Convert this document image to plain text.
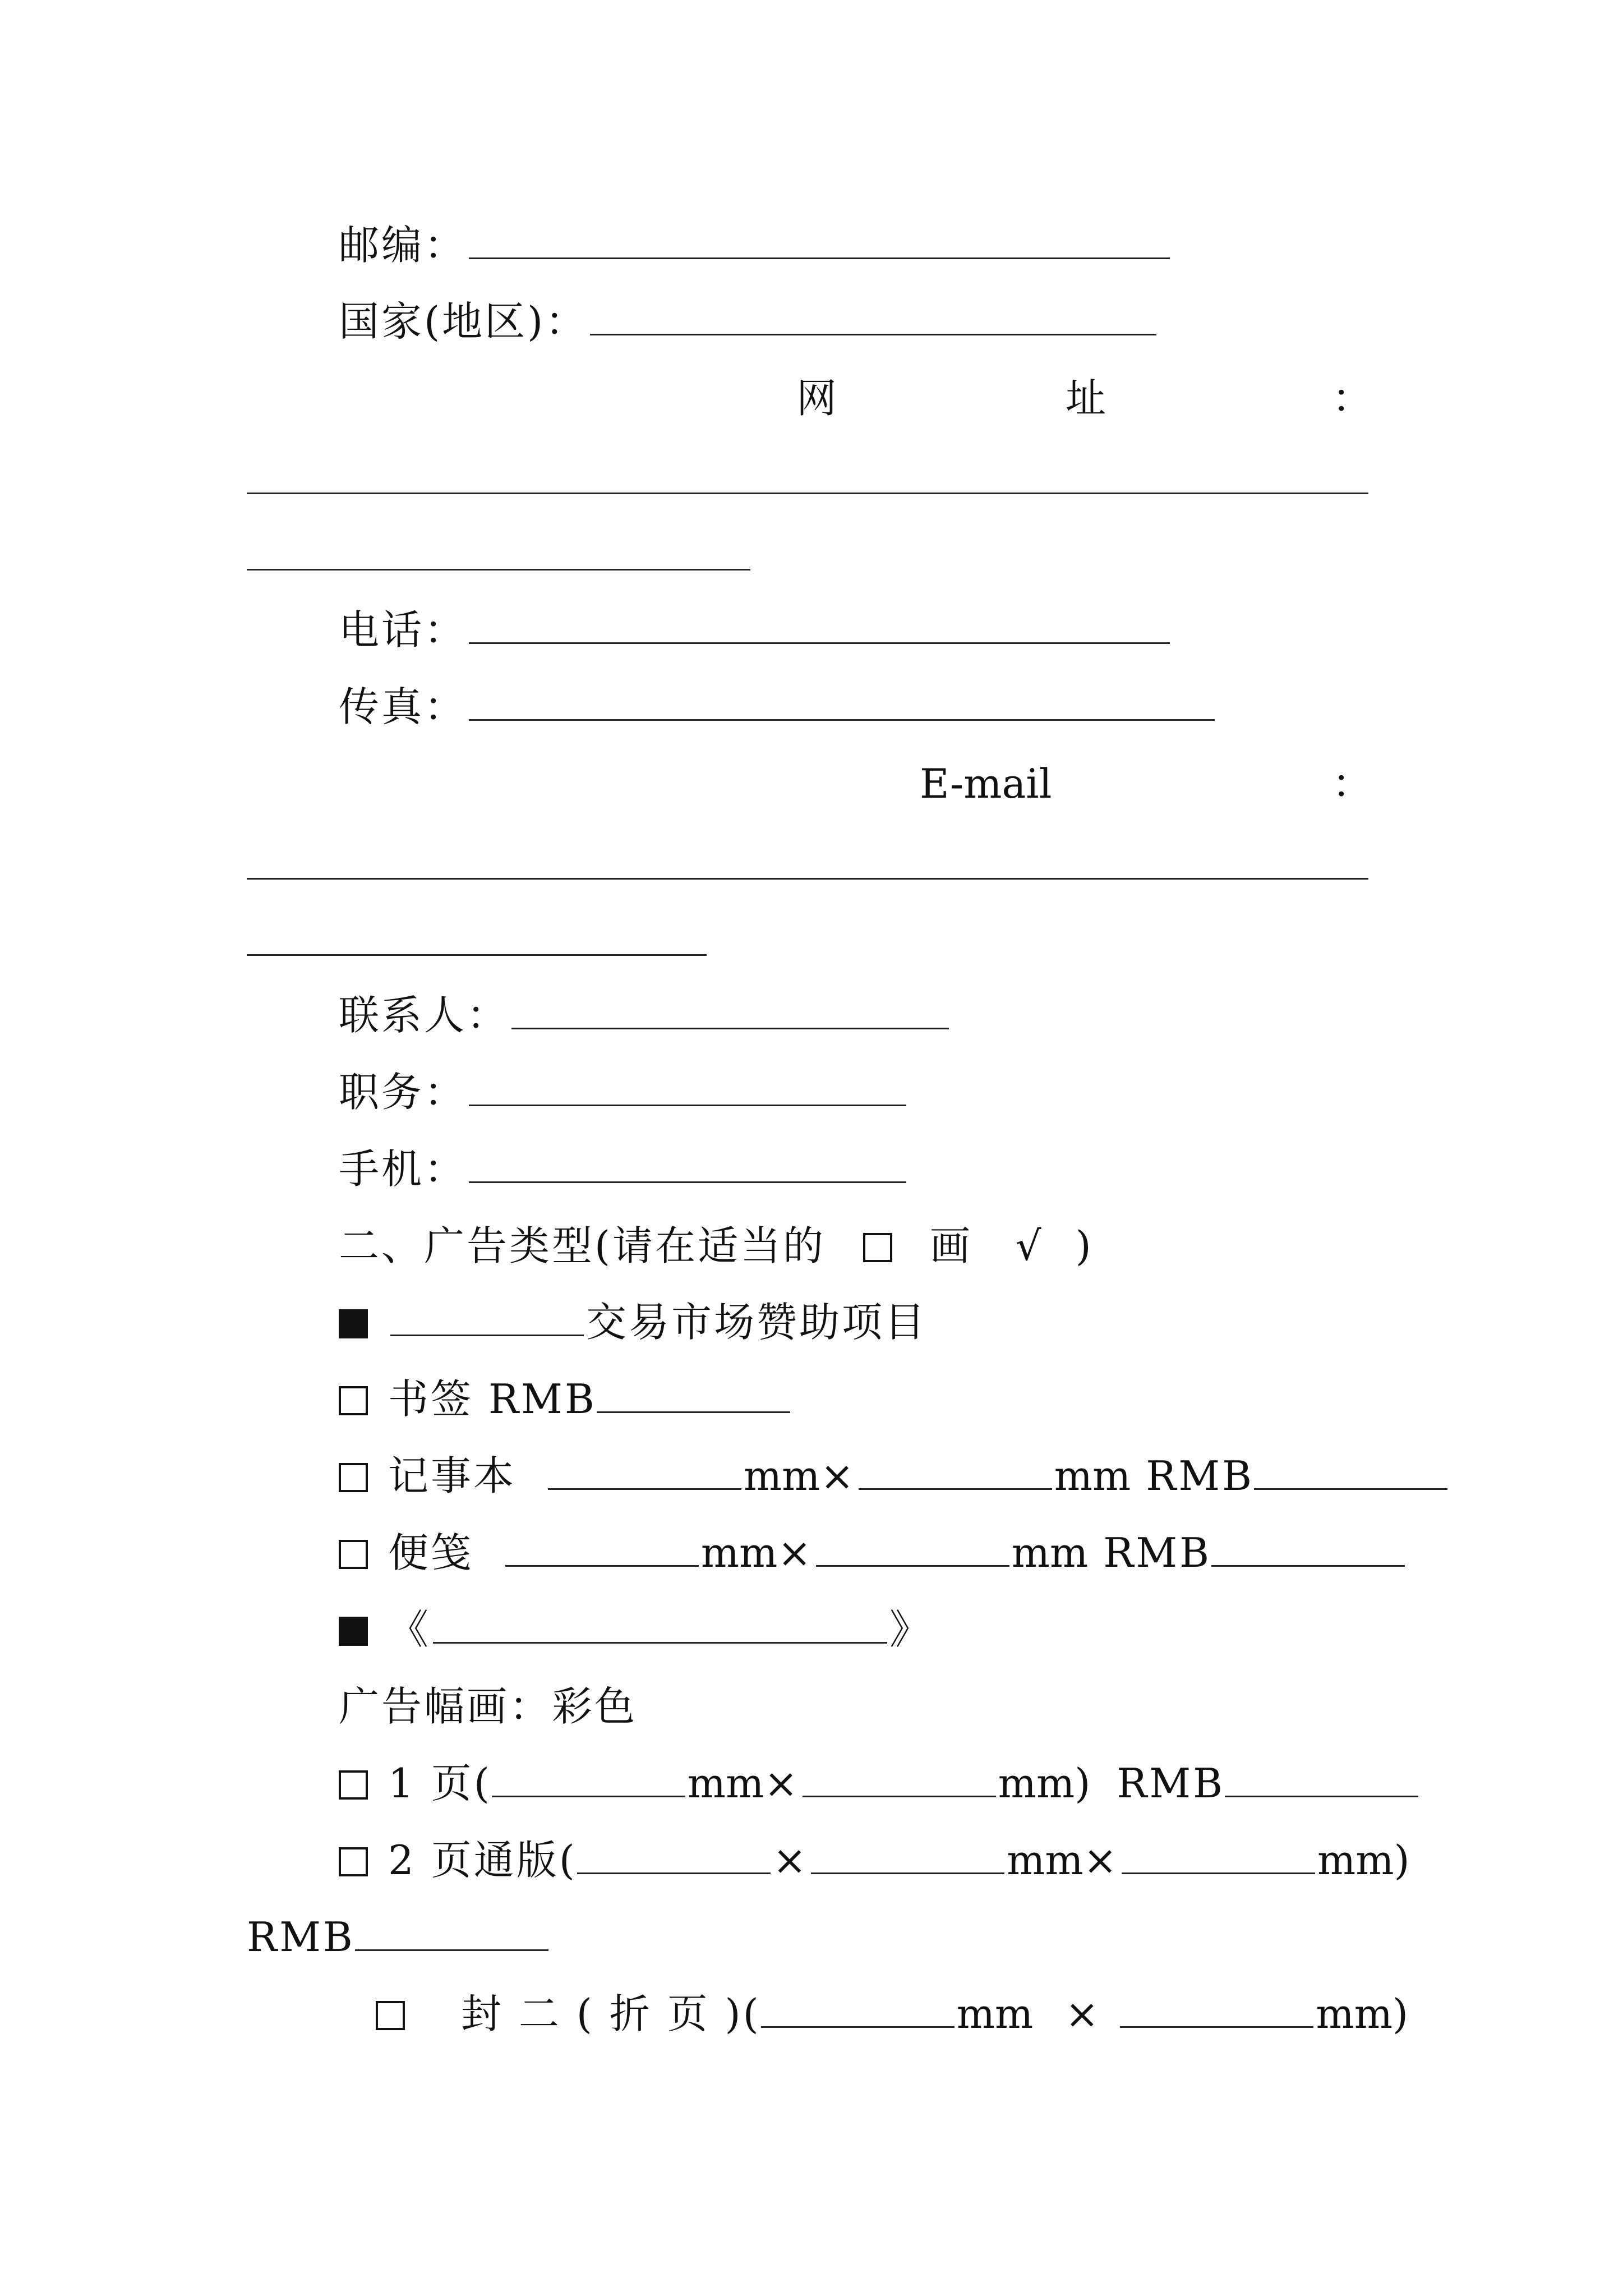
邮编：
国家(地区)：
网	址	：
电话：
传真：
E-mail	：
联系人：
职务：
手机：
二、广告类型(请在适当的	画 √ )
交易市场赞助项目
书签 RMB
记事本	mm×	mm RMB
便笺	mm×	mm RMB
《	》
广告幅画：彩色
1 页(	mm×	mm) RMB
2 页通版(	×	mm×	mm)
RMB
封 二 ( 折 页 )(	mm ×	mm)
